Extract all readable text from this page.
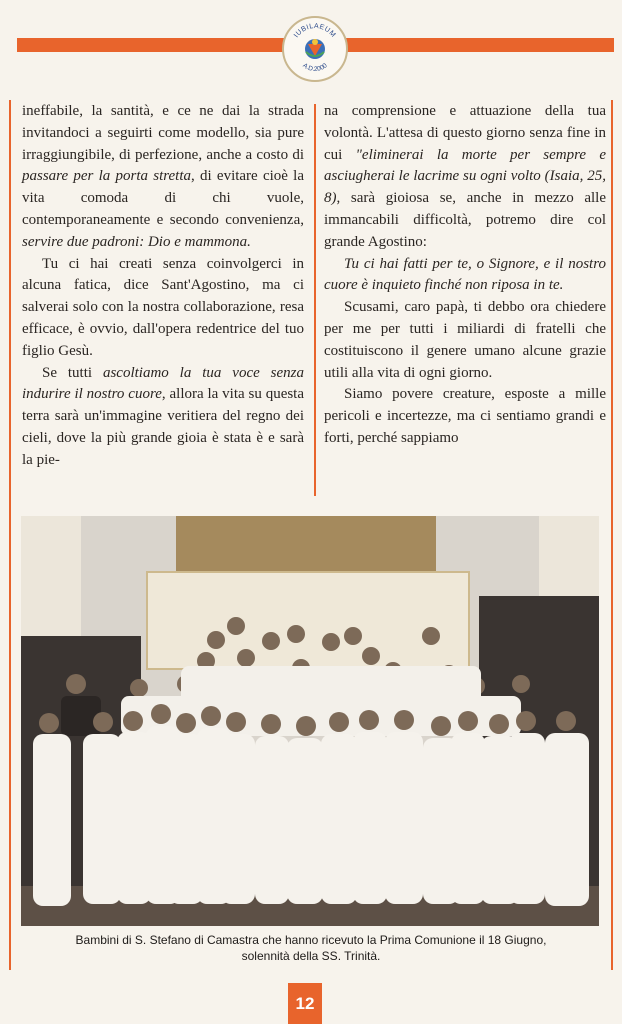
IUBILAEUM
A.D.2000

ineffabile, la santità, e ce ne dai la strada invitandoci a seguirti come modello, sia pure irraggiungibile, di perfezione, anche a costo di passare per la porta stretta, di evitare cioè la vita comoda di chi vuole, contemporaneamente e secondo convenienza, servire due padroni: Dio e mammona.

Tu ci hai creati senza coinvolgerci in alcuna fatica, dice Sant'Agostino, ma ci salverai solo con la nostra collaborazione, resa efficace, è ovvio, dall'opera redentrice del tuo figlio Gesù.

Se tutti ascoltiamo la tua voce senza indurire il nostro cuore, allora la vita su questa terra sarà un'immagine veritiera del regno dei cieli, dove la più grande gioia è stata è e sarà la pie-

na comprensione e attuazione della tua volontà. L'attesa di questo giorno senza fine in cui "eliminerai la morte per sempre e asciugherai le lacrime su ogni volto (Isaia, 25, 8), sarà gioiosa se, anche in mezzo alle immancabili difficoltà, potremo dire col grande Agostino:

Tu ci hai fatti per te, o Signore, e il nostro cuore è inquieto finché non riposa in te.

Scusami, caro papà, ti debbo ora chiedere per me per tutti i miliardi di fratelli che costituiscono il genere umano alcune grazie utili alla vita di ogni giorno.

Siamo povere creature, esposte a mille pericoli e incertezze, ma ci sentiamo grandi e forti, perché sappiamo

Bambini di S. Stefano di Camastra che hanno ricevuto la Prima Comunione il 18 Giugno,
solennità della SS. Trinità.
12
